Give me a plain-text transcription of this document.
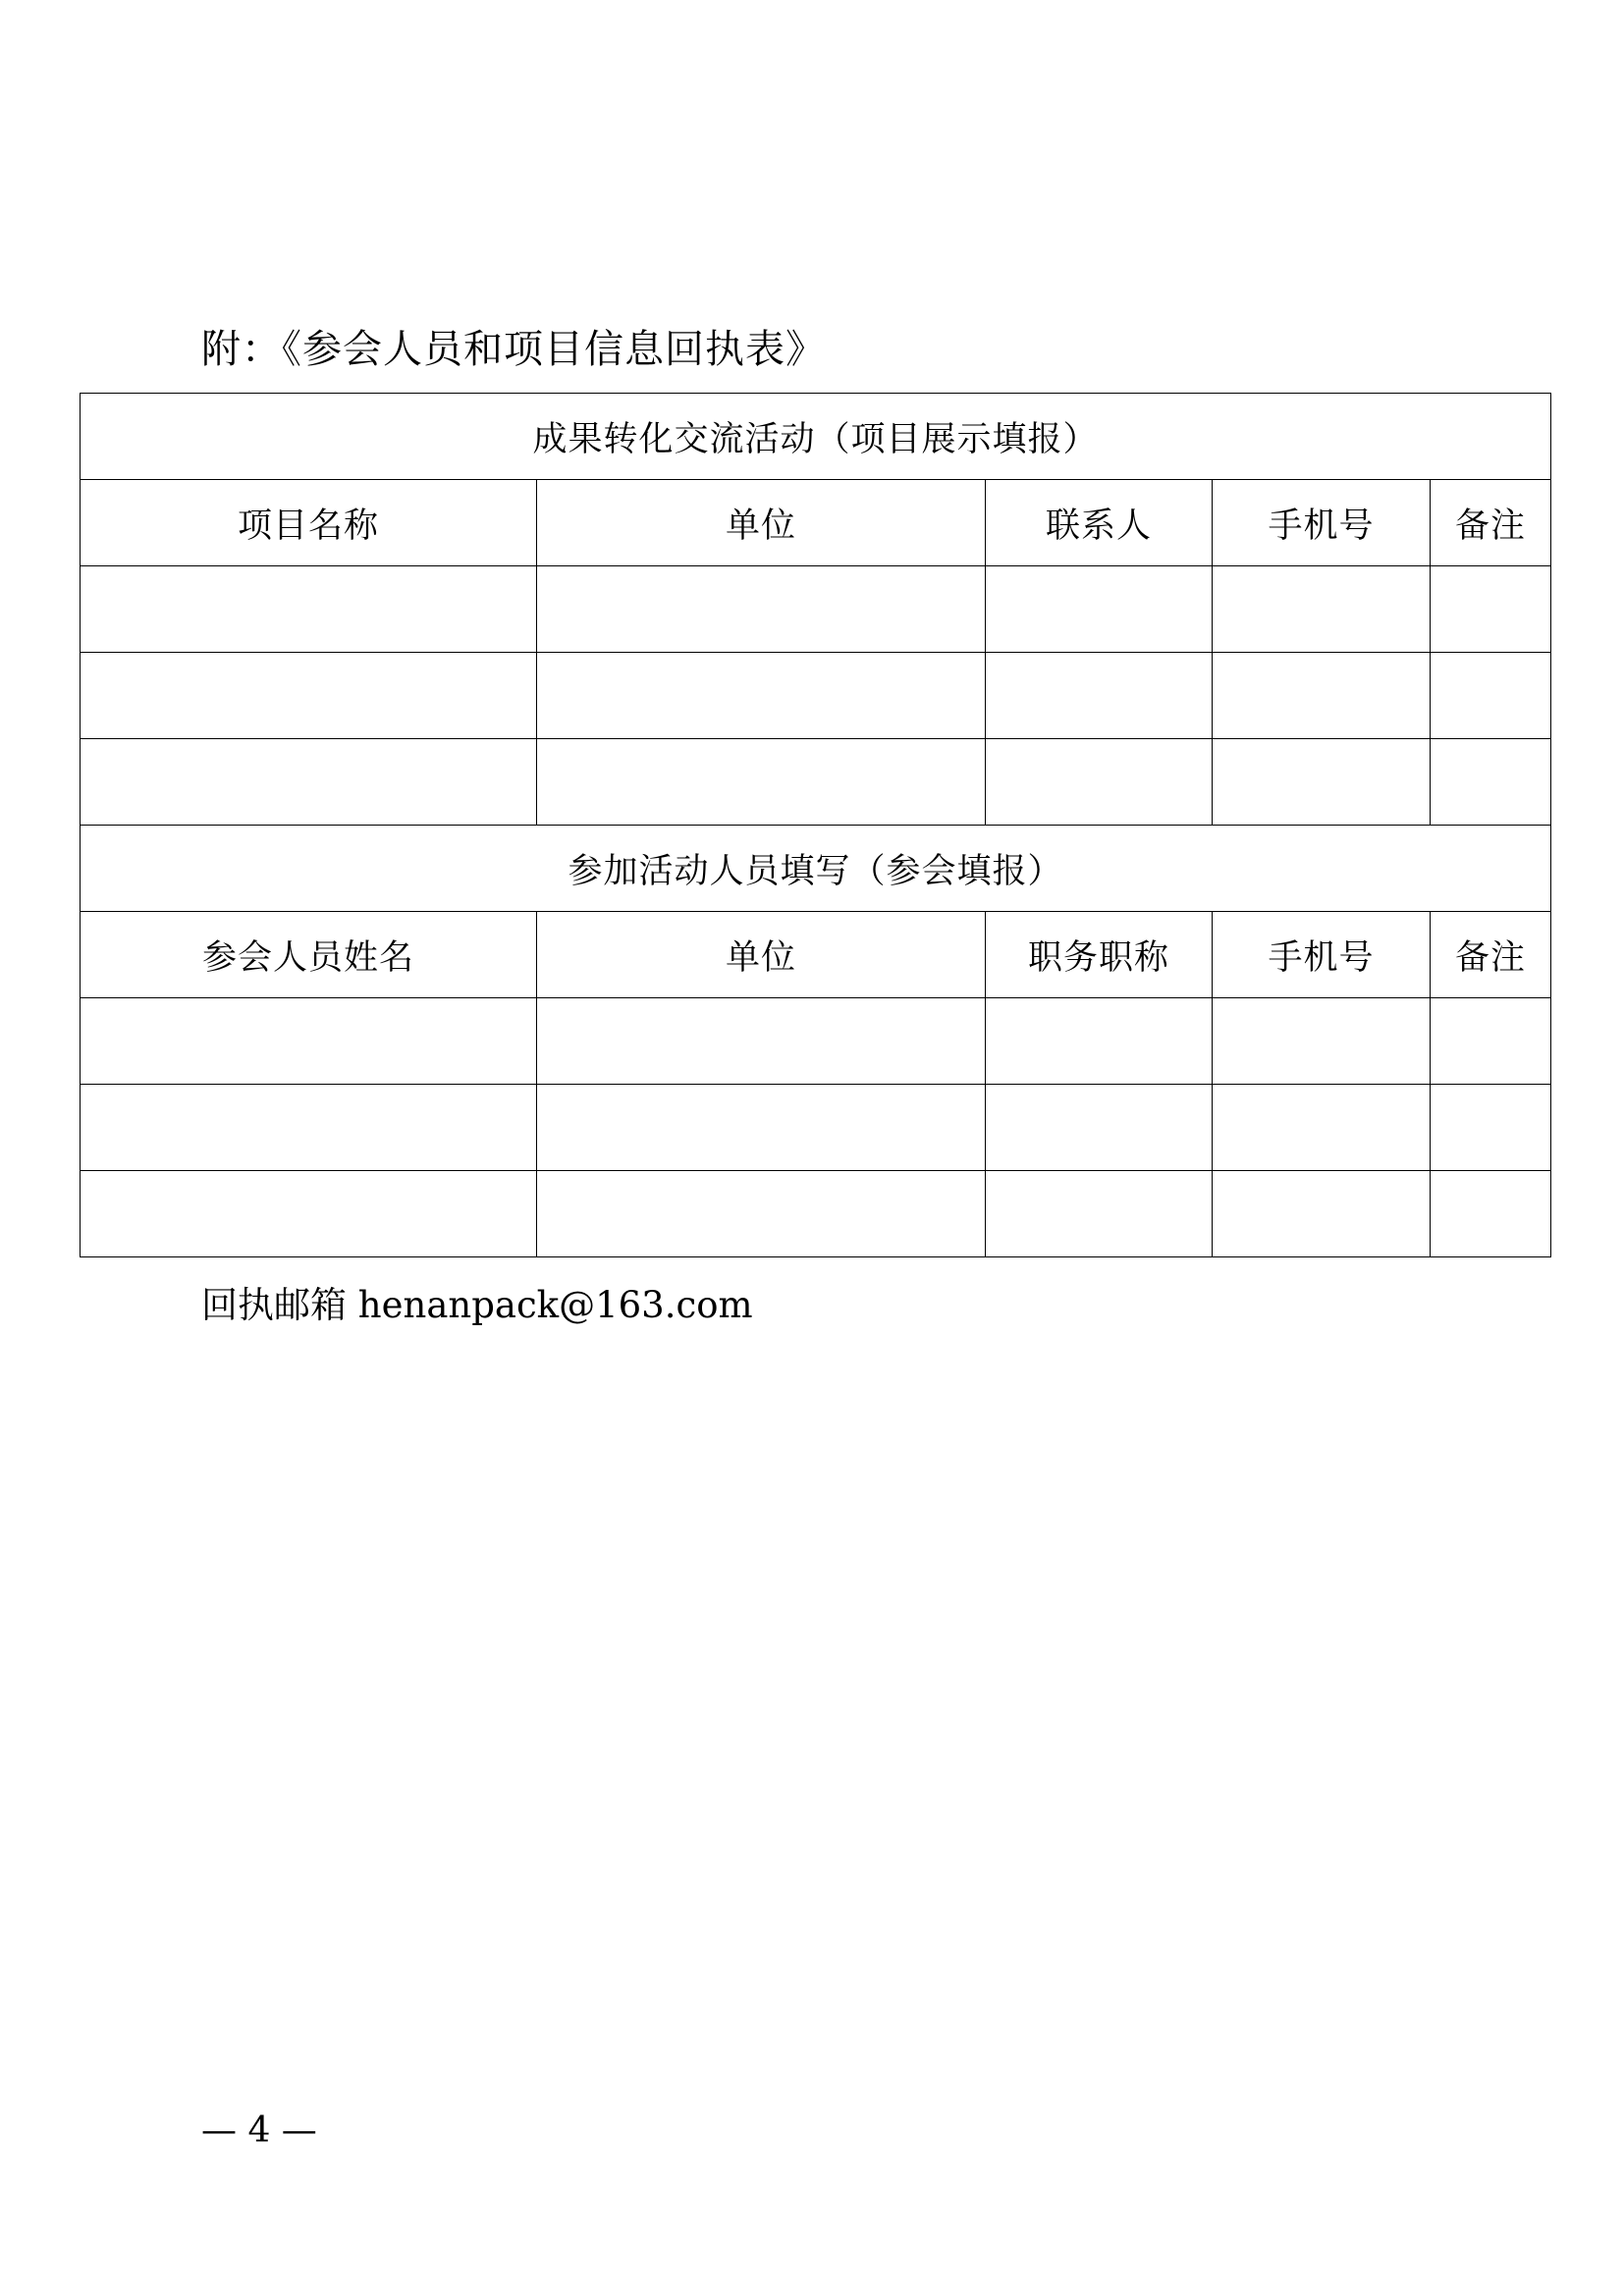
附：《参会人员和项目信息回执表》
成果转化交流活动（项目展示填报）				
项目名称	单位	联系人	手机号	备注

参加活动人员填写（参会填报）				
参会人员姓名	单位	职务职称	手机号	备注

回执邮箱 henanpack@163.com
— 4 —
